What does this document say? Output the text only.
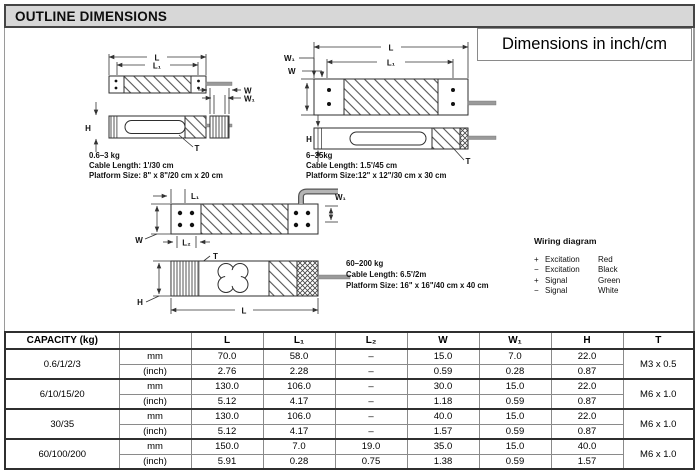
OUTLINE DIMENSIONS
L
L₁
H
T
W
W₁
0.6–3 kg
Cable Length: 1'/30 cm
Platform Size: 8" x 8"/20 cm x 20 cm
L
L₁
W₁
W
H
T
6–35kg
Cable Length: 1.5'/45 cm
Platform Size:12" x 12"/30 cm x 30 cm
L₁	W₁
W	L₂
T
L
H
60–200 kg
Cable Length: 6.5'/2m
Platform Size: 16" x 16"/40 cm x 40 cm
Dimensions in inch/cm
Wiring diagram
+ Excitation	Red
− Excitation	Black
+ Signal	Green
− Signal	White
CAPACITY (kg)		L	L₁	L₂	W	W₁	H	T
0.6/1/2/3	mm	70.0	58.0	–	15.0	7.0	22.0	M3 x 0.5
	(inch)	2.76	2.28	–	0.59	0.28	0.87	
6/10/15/20	mm	130.0	106.0	–	30.0	15.0	22.0	M6 x 1.0
	(inch)	5.12	4.17	–	1.18	0.59	0.87	
30/35	mm	130.0	106.0	–	40.0	15.0	22.0	M6 x 1.0
	(inch)	5.12	4.17	–	1.57	0.59	0.87	
60/100/200	mm	150.0	7.0	19.0	35.0	15.0	40.0	M6 x 1.0
	(inch)	5.91	0.28	0.75	1.38	0.59	1.57	
